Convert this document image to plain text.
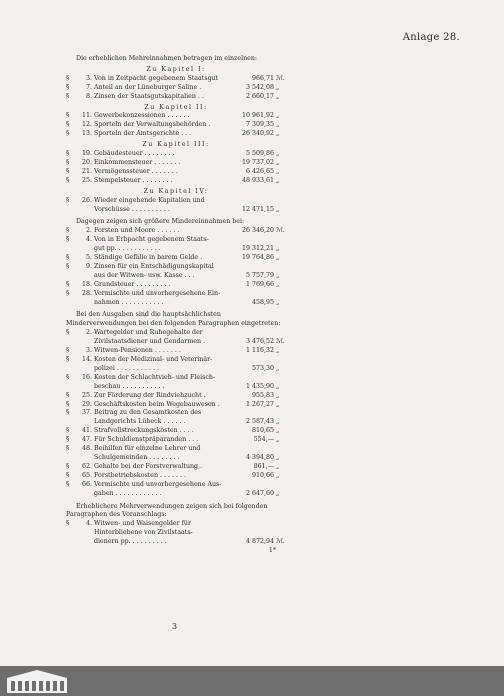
Anlage 28.

Die erheblichen Mehreinnahmen betragen im einzelnen:

Zu Kapitel I:
§	3. Von in Zeitpacht gegebenem Staatsgut	966,71 ℳ.
§	7. Anteil an der Lüneburger Saline .	3 542,08 „
§	8. Zinsen der Staatsgutskapitalien . .	2 660,17 „
Zu Kapitel II:
§	11. Gewerbekonzessionen . . . . . .	10 961,92 „
§	12. Sporteln der Verwaltungsbehörden .	7 309,35 „
§	13. Sporteln der Amtsgerichte . . .	26 340,92 „
Zu Kapitel III:
§	19. Gebäudesteuer . . . . . . . .	5 509,86 „
§	20. Einkommensteuer . . . . . . .	19 737,02 „
§	21. Vermögenssteuer . . . . . . .	6 426,65 „
§	25. Stempelsteuer . . . . . . . .	48 933,61 „
Zu Kapitel IV:
§	26. Wieder eingehende Kapitalien und
Vorschüsse . . . . . . . . . .	12 471,15 „

Dagegen zeigen sich größere Mindereinnahmen bei:

§	2. Forsten und Moore . . . . . .	26 346,20 ℳ.
§	4. Von in Erbpacht gegebenem Staats-
gut pp. . . . . . . . . . . .	19 312,21 „
§	5. Ständige Gefälle in barem Gelde .	19 764,86 „
§	9. Zinsen für ein Entschädigungskapital
aus der Witwen- usw. Kasse . . .	5 757,79 „
§	18. Grundsteuer . . . . . . . . .	1 769,66 „
§	28. Vermischte und unvorhergesehene Ein-
nahmen . . . . . . . . . . .	458,95 „

Bei den Ausgaben sind die hauptsächlichsten Minderverwendungen bei den folgenden Paragraphen eingetreten:

§	2. Wartegelder und Ruhegehalte der
Zivilstaatsdiener und Gendarmen .	3 476,52 ℳ.
§	3. Witwen-Pensionen . . . . . . .	1 116,32 „
§	14. Kosten der Medizinal- und Veterinär-
polizei . . . . . . . . . . .	573,30 „
§	16. Kosten der Schlachtvieh- und Fleisch-
beschau . . . . . . . . . . .	1 435,90 „
§	25. Zur Förderung der Rindviehzucht .	955,83 „
§	29. Geschäftskosten beim Wegebauwesen .	1 267,27 „
§	37. Beitrag zu den Gesamtkosten des
Landgerichts Lübeck . . . . . .	2 587,43 „
§	41. Strafvollstreckungskosten . . . .	810,65 „
§	47. Für Schuldienstpräparanden . . .	554,— „
§	48. Beihilfen für einzelne Lehrer und
Schulgemeinden . . . . . . . .	4 394,80 „
§	62. Gehalte bei der Forstverwaltung .	861,— „
§	65. Forstbetriebskosten . . . . . . .	910,66 „
§	66. Vermischte und unvorhergesehene Aus-
gaben . . . . . . . . . . . .	2 647,60 „

Erheblichere Mehrverwendungen zeigen sich bei folgenden Paragraphen des Voranschlags:

§	4. Witwen- und Waisengelder für
Hinterbliebene von Zivilstaats-
dienern pp. . . . . . . . . .	4 872,94 ℳ.
1*
3
